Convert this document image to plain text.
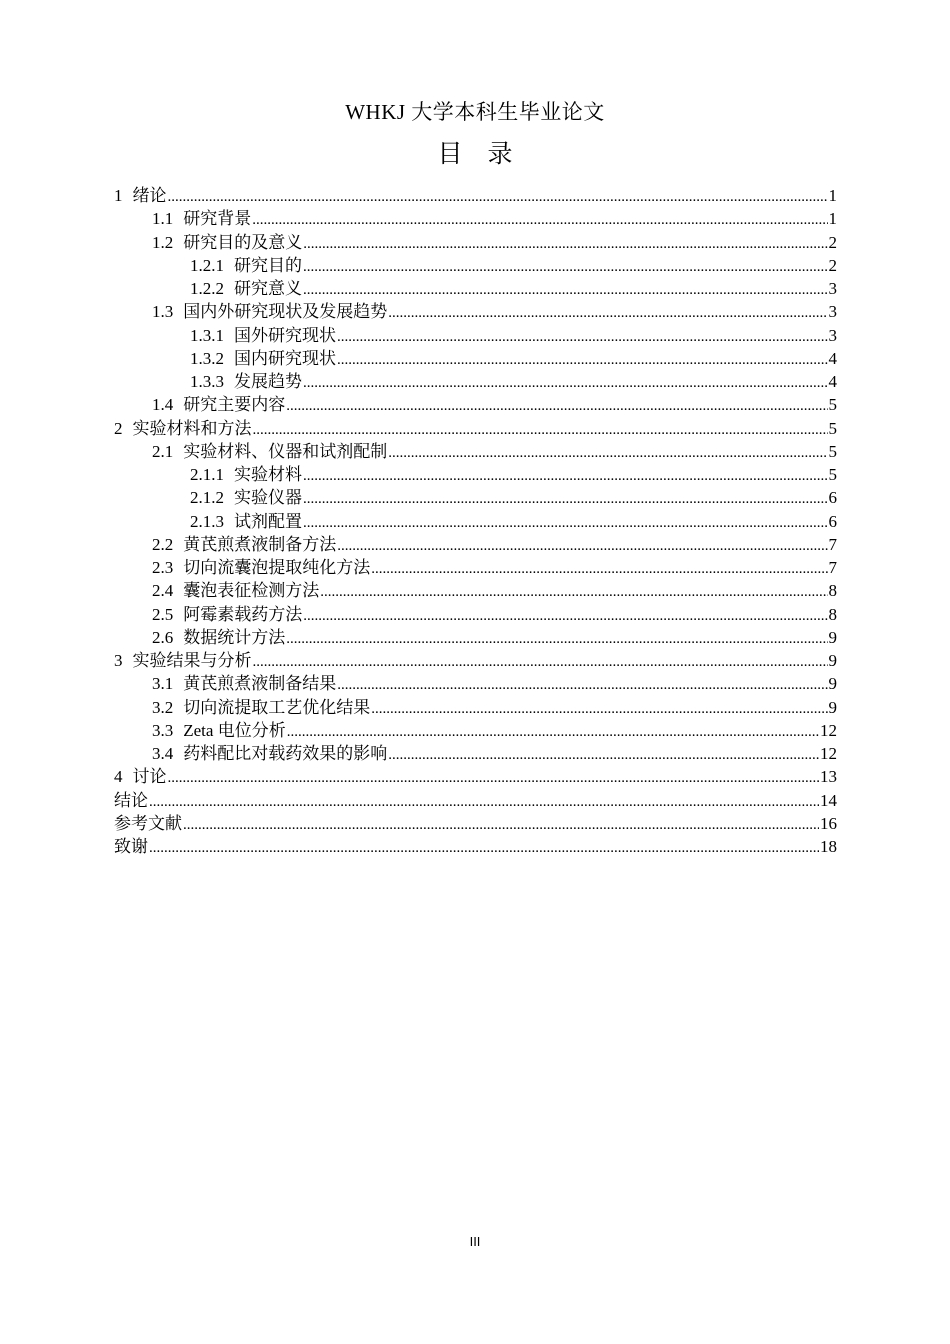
WHKJ 大学本科生毕业论文
目　录
1 绪论 .....	1
1.1 研究背景 .....	1
1.2 研究目的及意义 .....	2
1.2.1 研究目的 .....	2
1.2.2 研究意义 .....	3
1.3 国内外研究现状及发展趋势 .....	3
1.3.1 国外研究现状 .....	3
1.3.2 国内研究现状 .....	4
1.3.3 发展趋势 .....	4
1.4 研究主要内容 .....	5
2 实验材料和方法 .....	5
2.1 实验材料、仪器和试剂配制 .....	5
2.1.1 实验材料 .....	5
2.1.2 实验仪器 .....	6
2.1.3 试剂配置 .....	6
2.2 黄芪煎煮液制备方法 .....	7
2.3 切向流囊泡提取纯化方法 .....	7
2.4 囊泡表征检测方法 .....	8
2.5 阿霉素载药方法 .....	8
2.6 数据统计方法 .....	9
3 实验结果与分析 .....	9
3.1 黄芪煎煮液制备结果 .....	9
3.2 切向流提取工艺优化结果 .....	9
3.3 Zeta 电位分析 .....	12
3.4 药料配比对载药效果的影响 .....	12
4 讨论 .....	13
结论 .....	14
参考文献 .....	16
致谢 .....	18
III
